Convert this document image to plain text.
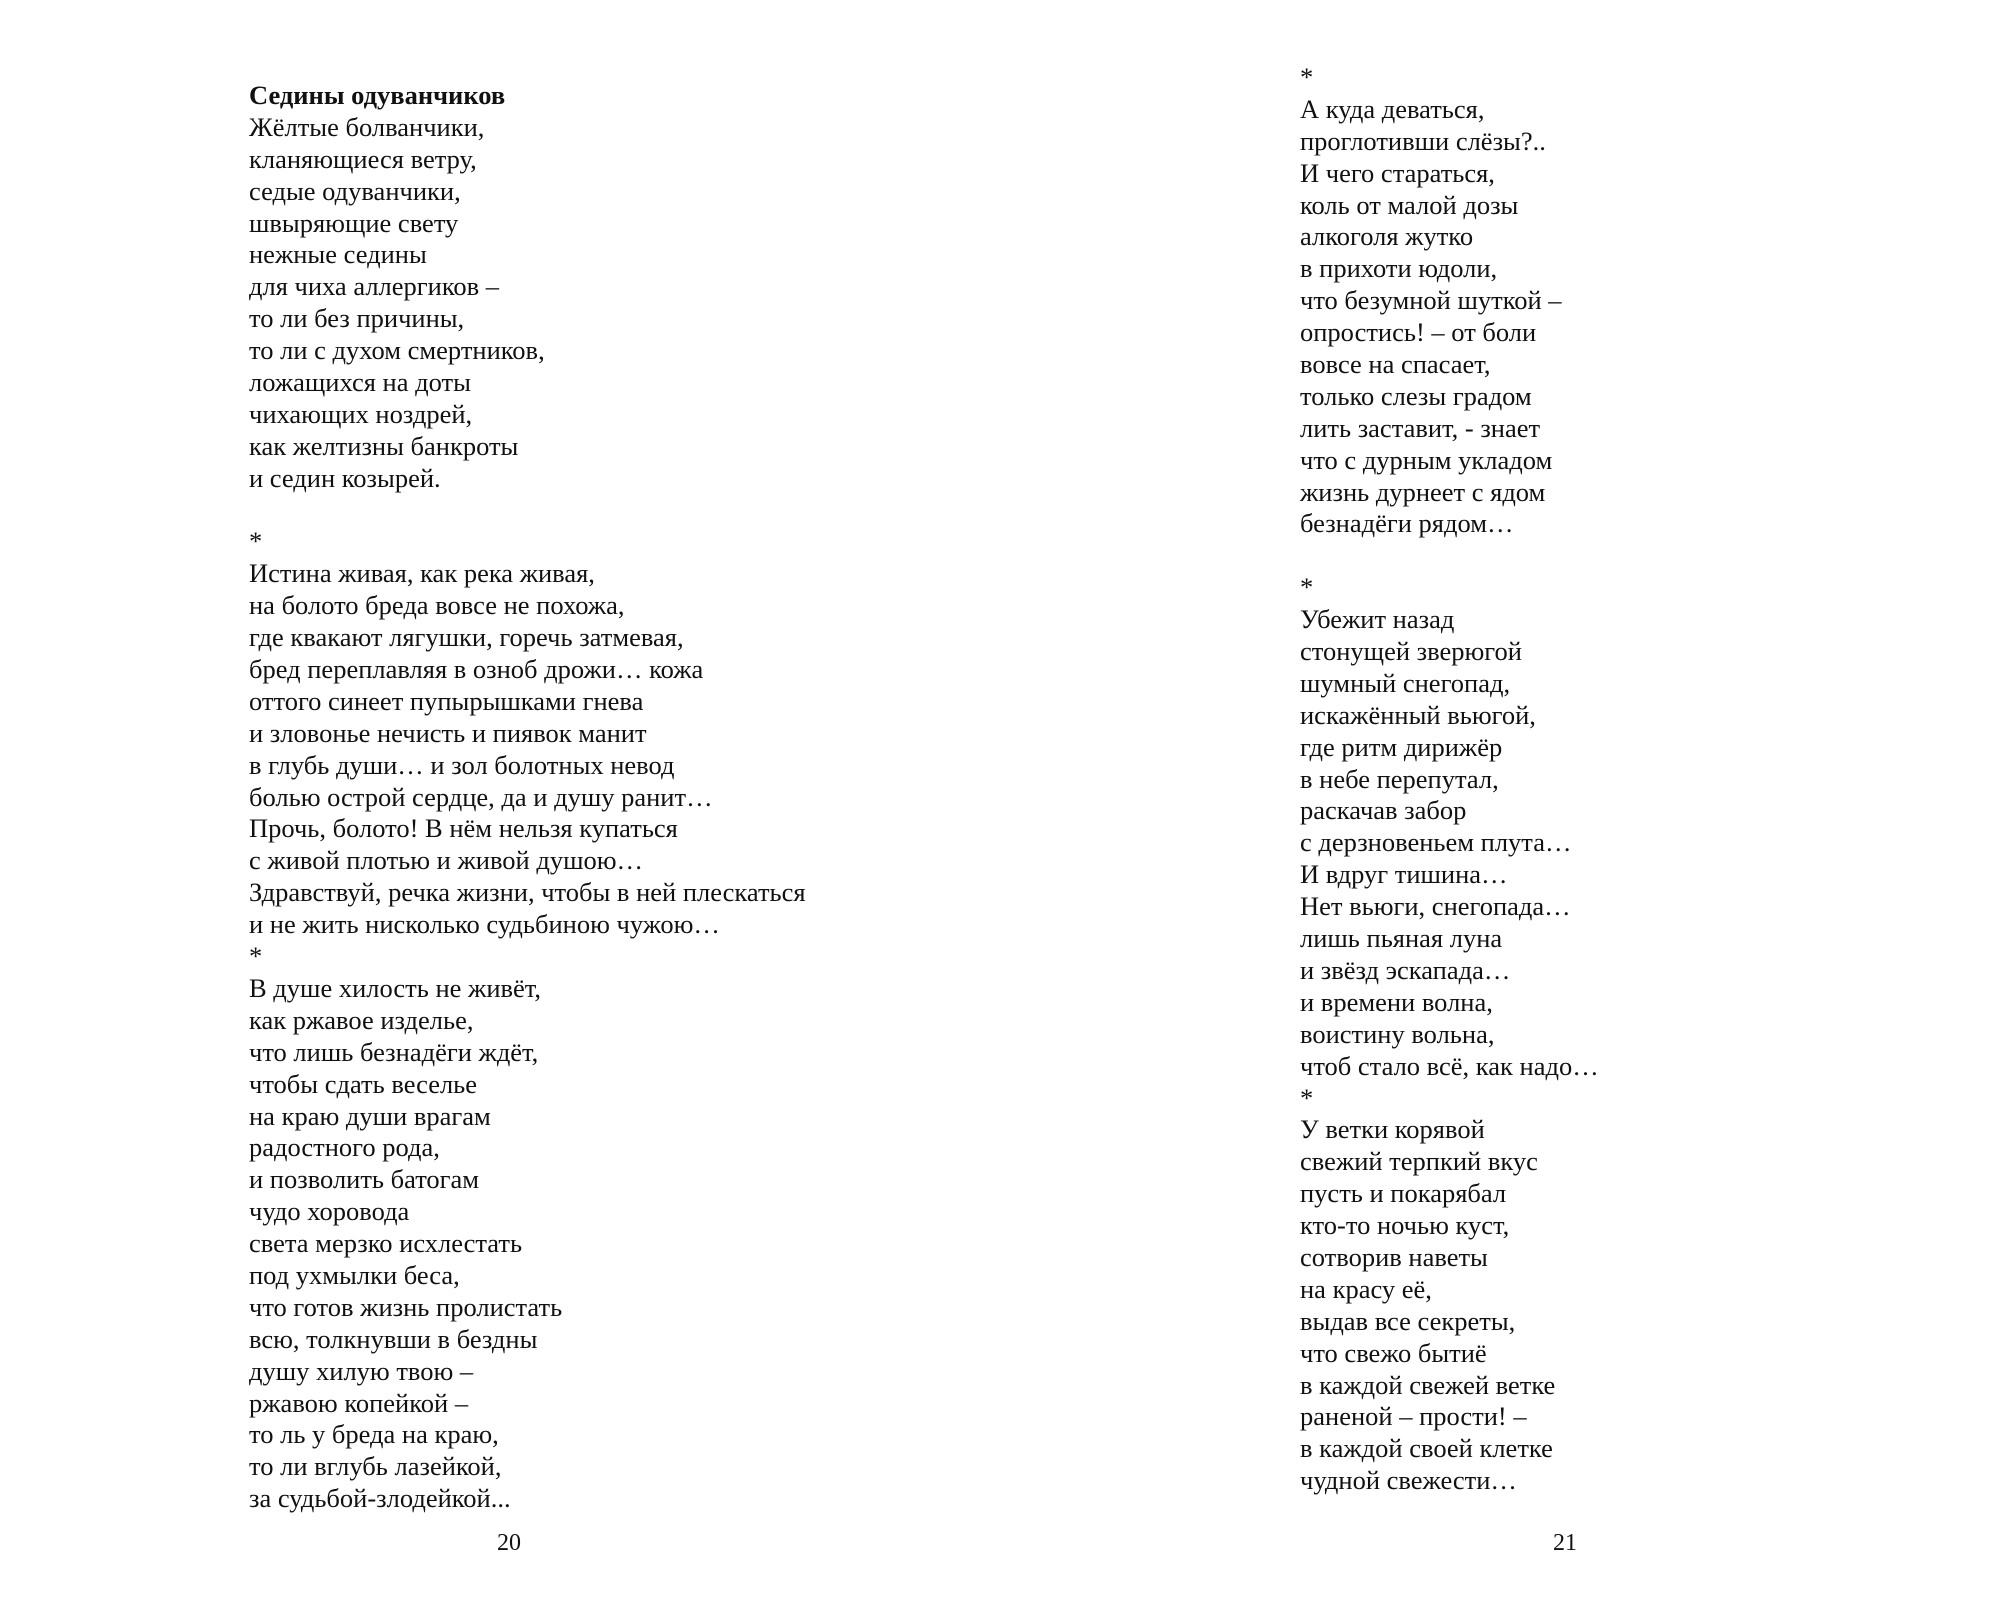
Седины одуванчиков
Жёлтые болванчики,
кланяющиеся ветру,
седые одуванчики,
швыряющие свету
нежные седины
для чиха аллергиков –
то ли без причины,
то ли с духом смертников,
ложащихся на доты
чихающих ноздрей,
как желтизны банкроты
и седин козырей.
*
Истина живая, как река живая,
на болото бреда вовсе не похожа,
где квакают лягушки, горечь затмевая,
бред переплавляя в озноб дрожи… кожа
оттого синеет пупырышками гнева
и зловонье нечисть и пиявок манит
в глубь души… и зол болотных невод
болью острой сердце, да и душу ранит…
Прочь, болото! В нём нельзя купаться
с живой плотью и живой душою…
Здравствуй, речка жизни, чтобы в ней плескаться
и не жить нисколько судьбиною чужою…
*
В душе хилость не живёт,
как ржавое изделье,
что лишь безнадёги ждёт,
чтобы сдать веселье
на краю души врагам
радостного рода,
и позволить батогам
чудо хоровода
света мерзко исхлестать
под ухмылки беса,
что готов жизнь пролистать
всю, толкнувши в бездны
душу хилую твою –
ржавою копейкой –
то ль у бреда на краю,
то ли вглубь лазейкой,
за судьбой-злодейкой...
20
*
А куда деваться,
проглотивши слёзы?..
И чего стараться,
коль от малой дозы
алкоголя жутко
в прихоти юдоли,
что безумной шуткой –
опростись! – от боли
вовсе на спасает,
только слезы градом
лить заставит, - знает
что с дурным укладом
жизнь дурнеет с ядом
безнадёги рядом…
*
Убежит назад
стонущей зверюгой
шумный снегопад,
искажённый вьюгой,
где ритм дирижёр
в небе перепутал,
раскачав забор
с дерзновеньем плута…
И вдруг тишина…
Нет вьюги, снегопада…
лишь пьяная луна
и звёзд эскапада…
и времени волна,
воистину вольна,
чтоб стало всё, как надо…
*
У ветки корявой
свежий терпкий вкус
пусть и покарябал
кто-то ночью куст,
сотворив наветы
на красу её,
выдав все секреты,
что свежо бытиё
в каждой свежей ветке
раненой – прости! –
в каждой своей клетке
чудной свежести…
21
